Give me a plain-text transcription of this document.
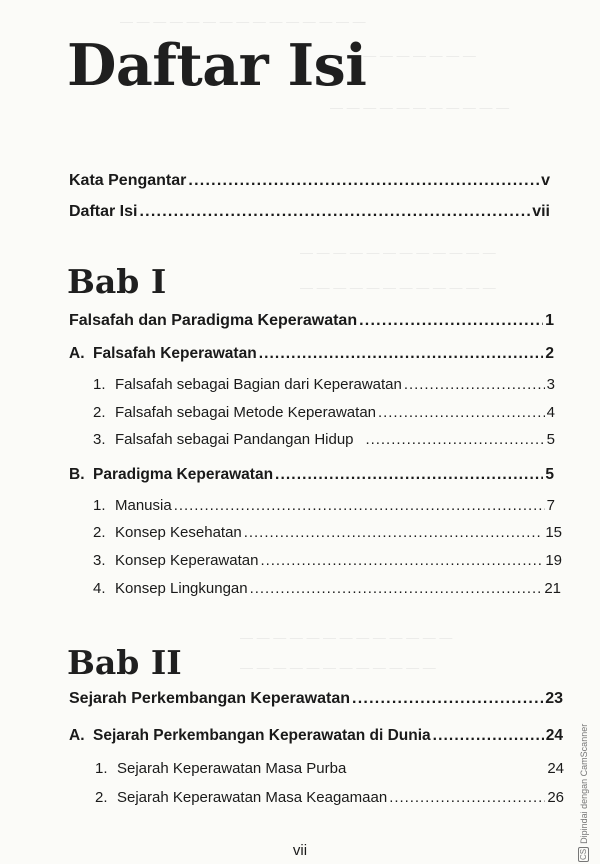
— — — — — — — — — — — — — — —
— — — — — — — — —
— — — — — — — — — — —
— — — — — — — — — — — —
— — — — — — — — — — — —
— — — — — — — — — — — — —
— — — — — — — — — — — —
Daftar Isi
Kata Pengantar . . .	v
Daftar Isi . . .	vii
Bab I
Falsafah dan Paradigma Keperawatan . . .	1
A. Falsafah Keperawatan . . .	2
1. Falsafah sebagai Bagian dari Keperawatan . . .	3
2. Falsafah sebagai Metode Keperawatan . . .	4
3. Falsafah sebagai Pandangan Hidup . . .	5
B. Paradigma Keperawatan . . .	5
1. Manusia . . .	7
2. Konsep Kesehatan . . .	15
3. Konsep Keperawatan . . .	19
4. Konsep Lingkungan . . .	21
Bab II
Sejarah Perkembangan Keperawatan . . .	23
A. Sejarah Perkembangan Keperawatan di Dunia . . .	24
1. Sejarah Keperawatan Masa Purba	24
2. Sejarah Keperawatan Masa Keagamaan . . .	26
vii	CSDipindai dengan CamScanner
